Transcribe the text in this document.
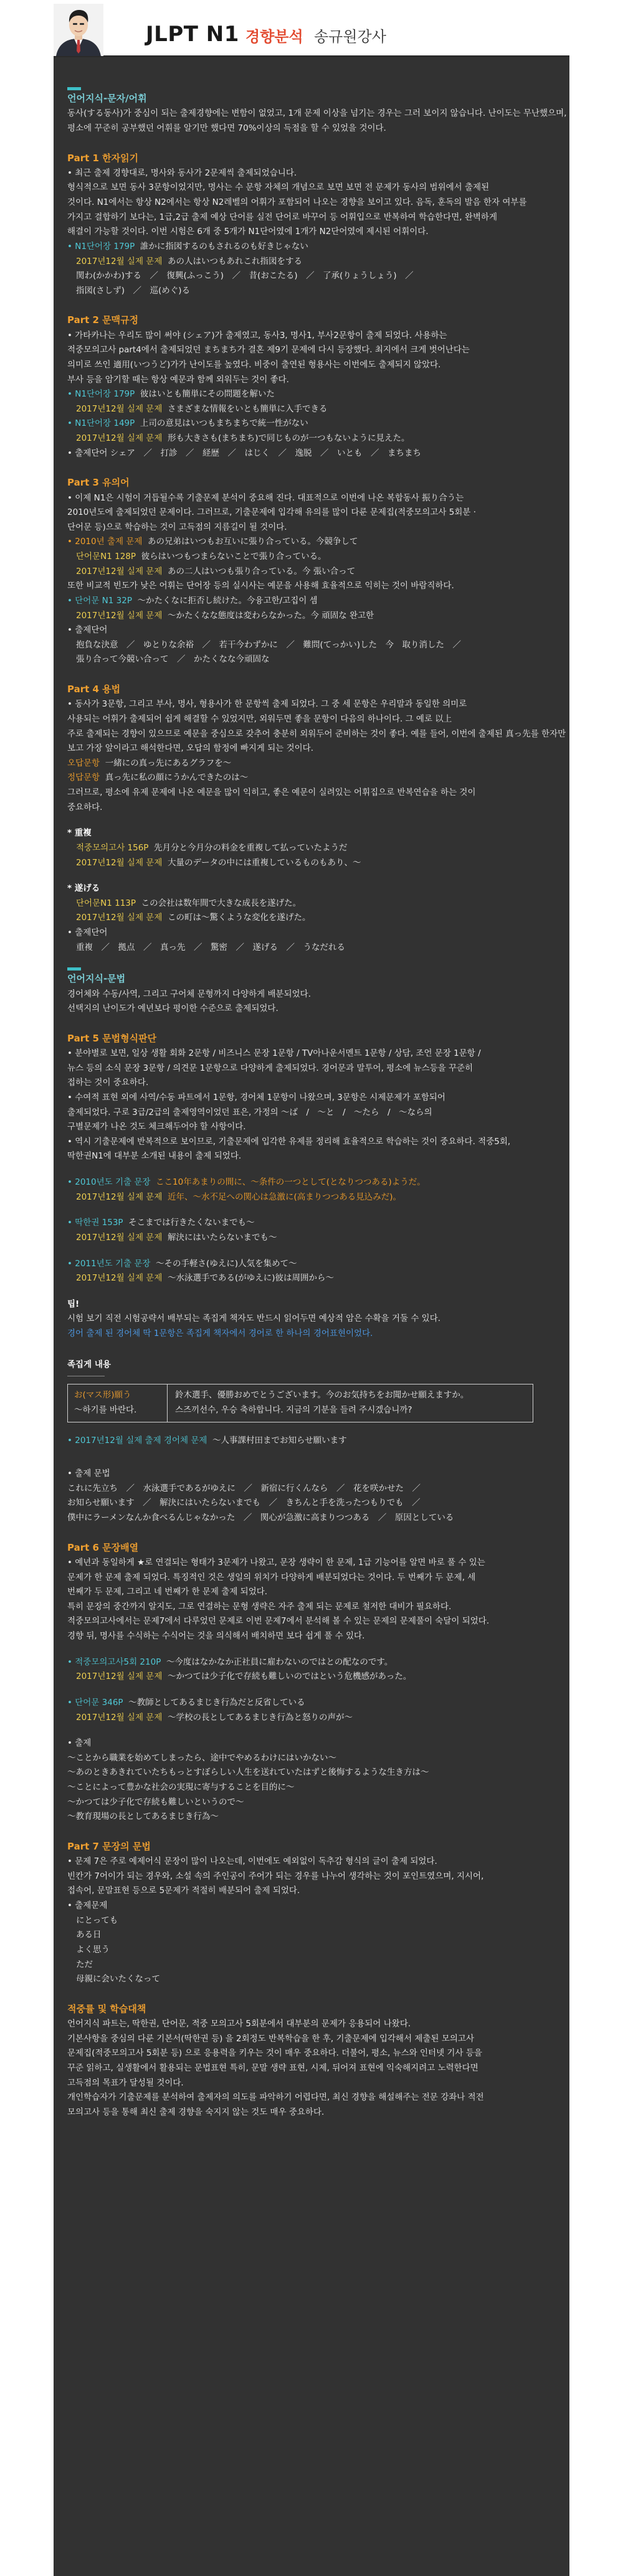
JLPT N1 경향분석 송규원강사
언어지식-문자/어휘
동사(する동사)가 중심이 되는 출제경향에는 변함이 없었고, 1개 문제 이상을 넘기는 경우는 그러 보이지 않습니다. 난이도는 무난했으며,
평소에 꾸준히 공부했던 어휘를 알기만 했다면 70%이상의 득점을 할 수 있었을 것이다.
Part 1 한자읽기
• 최근 출제 경향대로, 명사와 동사가 2문제씩 출제되었습니다.
형식적으로 보면 동사 3문항이었지만, 명사는 수 문항 자체의 개념으로 보면 보면 전 문제가 동사의 범위에서 출제된
것이다. N1에서는 항상 N2에서는 항상 N2레벨의 어휘가 포함되어 나오는 경향을 보이고 있다. 음독, 훈독의 발음 한자 여부를
가지고 결합하기 보다는, 1급,2급 출제 예상 단어를 실전 단어로 바꾸어 등 어휘입으로 반복하여 학습한다면, 완벽하게
해결이 가능할 것이다. 이번 시험은 6개 중 5개가 N1단어였에 1개가 N2단어였에 제시된 어휘이다.
• N1단어장 179P 誰かに指図するのもされるのも好きじゃない
2017년12월 실제 문제 あの人はいつもあれこれ指図をする
関わ(かかわ)する　／　復興(ふっこう)　／　昔(おこたる)　／　了承(りょうしょう)　／
指図(さしず)　／　巡(めぐ)る
Part 2 문맥규정
• 가타카나는 우리도 많이 써야 (シェア)가 출제였고, 동사3, 명사1, 부사2문항이 출제 되었다. 사용하는
적중모의고사 part4에서 출제되었던 まちまち가 결혼 제9기 문제에 다시 등장했다. 최지에서 크게 벗어난다는
의미로 쓰인 適用(いつうど)가가 난이도를 높였다. 비중이 출연된 형용사는 이번에도 출제되지 않았다.
부사 등을 암기할 때는 항상 예문과 함께 외워두는 것이 좋다.
• N1단어장 179P 彼はいとも簡単にその問題を解いた
2017년12월 실제 문제 さまざまな情報をいとも簡単に入手できる
• N1단어장 149P 上司の意見はいつもまちまちで統一性がない
2017년12월 실제 문제 形も大きさも(まちまち)で同じものが一つもないように見えた。
• 출제단어 シェア　／　打診　／　経歴　／　はじく　／　逸脱　／　いとも　／　まちまち
Part 3 유의어
• 이제 N1은 시험이 거듭될수록 기출문제 분석이 중요해 진다. 대표적으로 이번에 나온 복합동사 振り合う는
2010년도에 출제되었던 문제이다. 그러므로, 기출문제에 입각해 유의를 많이 다룬 문제집(적중모의고사 5회분 ·
단어문 등)으로 학습하는 것이 고득점의 지름길이 될 것이다.
• 2010년 출제 문제 あの兄弟はいつもお互いに張り合っている。今競争して
단어문N1 128P 彼らはいつもつまらないことで張り合っている。
2017년12월 실제 문제 あの二人はいつも張り合っている。今 張い合って
또한 비교적 빈도가 낮은 어휘는 단어장 등의 실시사는 예문을 사용해 효율적으로 익히는 것이 바람직하다.
• 단어문 N1 32P 〜かたくなに拒否し続けた。今융고한/고집이 셈
2017년12월 실제 문제 〜かたくなな態度は変わらなかった。今 頑固な 완고한
• 출제단어
抱負な決意　／　ゆとりな余裕　／　若干今わずかに　／　難問(てっかい)した　今　取り消した　／
張り合って今競い合って　／　かたくなな今頑固な
Part 4 용법
• 동사가 3문항, 그리고 부사, 명사, 형용사가 한 문항씩 출제 되었다. 그 중 세 문항은 우리말과 동일한 의미로
사용되는 어휘가 출제되어 쉽게 해결할 수 있었지만, 외워두면 좋을 문항이 다음의 하나이다. 그 예로 以上
주로 출제되는 경향이 있으므로 예문을 중심으로 갖추어 충분히 외워두어 준비하는 것이 좋다. 예를 들어, 이번에 출제된 真っ先를 한자만
보고 가장 앞이라고 해석한다면, 오답의 함정에 빠지게 되는 것이다.
오답문항 一緒にの真っ先にあるグラフを〜
정답문항 真っ先に私の顔にうかんできたのは〜
그러므로, 평소에 유제 문제에 나온 예문을 많이 익히고, 좋은 예문이 실려있는 어휘집으로 반복연습을 하는 것이
중요하다.
* 重複
적중모의고사 156P 先月分と今月分の料金を重複して払っていたようだ
2017년12월 실제 문제 大量のデータの中には重複しているものもあり、〜
* 遂げる
단어문N1 113P この会社は数年間で大きな成長を遂げた。
2017년12월 실제 문제 この町は〜驚くような変化を遂げた。
• 출제단어
重複　／　拠点　／　真っ先　／　驚密　／　遂げる　／　うなだれる
언어지식-문법
경어체와 수동/사역, 그리고 구어체 문형까지 다양하게 배분되었다.
선택지의 난이도가 예년보다 평이한 수준으로 출제되었다.
Part 5 문법형식판단
• 분야별로 보면, 일상 생활 회화 2문항 / 비즈니스 문장 1문항 / TV아나운서멘트 1문항 / 상담, 조언 문장 1문항 /
뉴스 등의 소식 문장 3문항 / 의견문 1문항으로 다양하게 출제되었다. 경어문과 말투어, 평소에 뉴스등을 꾸준히
접하는 것이 중요하다.
• 수여적 표현 외에 사역/수동 파트에서 1문항, 경어체 1문항이 나왔으며, 3문항은 시제문제가 포함되어
출제되었다. 구로 3급/2급의 출제영역이었던 표은, 가정의 〜ば　/　〜と　/　〜たら　/　〜なら의
구별문제가 나온 것도 체크해두어야 할 사항이다.
• 역시 기출문제에 반복적으로 보이므로, 기출문제에 입각한 유제를 정리해 효율적으로 학습하는 것이 중요하다. 적중5회,
딱한권N1에 대부분 소개된 내용이 출제 되었다.
• 2010년도 기출 문장 ここ10年あまりの間に、〜条件の一つとして(となりつつある)ようだ。
2017년12월 실제 문제 近年、〜水不足への関心は急激に(高まりつつある見込みだ)。
• 딱한권 153P そこまでは行きたくないまでも〜
2017년12월 실제 문제 解決にはいたらないまでも〜
• 2011년도 기출 문장 〜その手軽さ(ゆえに)人気を集めて〜
2017년12월 실제 문제 〜水泳選手である(がゆえに)彼は周囲から〜
팁!
시험 보기 직전 시험공략서 배부되는 족집게 책자도 반드시 읽어두면 예상적 암은 수확을 거둘 수 있다.
경어 출제 된 경어체 딱 1문항은 족집게 책자에서 경어로 한 하나의 경어표현이었다.
족집게 내용
お(マス形)願う
〜하기를 바란다.
鈴木選手、優勝おめでとうございます。今のお気持ちをお聞かせ願えますか。
스즈끼선수, 우승 축하합니다. 지금의 기분을 들려 주시겠습니까?
• 2017년12월 실제 출제 경어체 문제 〜人事課村田までお知らせ願います
• 출제 문법
これに先立ち　／　水泳選手であるがゆえに　／　新宿に行くんなら　／　花を咲かせた　／
お知らせ願います　／　解決にはいたらないまでも　／　きちんと手を洗ったつもりでも　／
僕中にラーメンなんか食べるんじゃなかった　／　関心が急激に高まりつつある　／　原因としている
Part 6 문장배열
• 예년과 동일하게 ★로 연결되는 형태가 3문제가 나왔고, 문장 생략이 한 문제, 1급 기능어를 알면 바로 풀 수 있는
문제가 한 문제 출제 되었다. 특징적인 것은 생일의 위치가 다양하게 배분되었다는 것이다. 두 번째가 두 문제, 세
번째가 두 문제, 그리고 네 번째가 한 문제 출제 되었다.
특히 문장의 중간까지 알지도, 그로 연결하는 문형 생략은 자주 출제 되는 문제로 철저한 대비가 필요하다.
적중모의고사에서는 문제7에서 다루었던 문제로 이번 문제7에서 분석해 볼 수 있는 문제의 문제풀이 숙달이 되었다.
경향 뒤, 명사를 수식하는 수식어는 것을 의식해서 배치하면 보다 쉽게 풀 수 있다.
• 적중모의고사5회 210P 〜今度はなかなか正社員に雇わないのではとの配なのです。
2017년12월 실제 문제 〜かつては少子化で存続も難しいのではという危機感があった。
• 단어문 346P 〜教師としてあるまじき行為だと反省している
2017년12월 실제 문제 〜学校の長としてあるまじき行為と怒りの声が〜
• 출제
〜ことから職業を始めてしまったら、途中でやめるわけにはいかない〜
〜あのときあきれていたちもっとすぼらしい人生を送れていたはずと後悔するような生き方は〜
〜ことによって豊かな社会の実現に寄与することを目的に〜
〜かつては少子化で存続も難しいというので〜
〜教育現場の長としてあるまじき行為〜
Part 7 문장의 문법
• 문제 7은 주로 예제어식 문장이 많이 나오는데, 이번에도 예외없이 독추감 형식의 글이 출제 되었다.
빈칸가 7어이가 되는 경우와, 소설 속의 주인공이 주어가 되는 경우를 나누어 생각하는 것이 포인트였으며, 지시어,
접속어, 문말표현 등으로 5문제가 적절히 배분되어 출제 되었다.
• 출제문제
にとっても
ある日
よく思う
ただ
母親に会いたくなって
적중률 및 학습대책
언어지식 파트는, 딱한권, 단어문, 적중 모의고사 5회분에서 대부분의 문제가 응용되어 나왔다.
기본사항을 중심의 다룬 기본서(딱한권 등) 을 2회정도 반복학습을 한 후, 기출문제에 입각해서 제출된 모의고사
문제집(적중모의고사 5회분 등) 으로 응용력을 키우는 것이 매우 중요하다. 더불어, 평소, 뉴스와 인터넷 기사 등을
꾸준 읽하고, 실생활에서 활용되는 문법표현 특히, 문말 생략 표현, 시제, 뒤어져 표현에 익숙해지려고 노력한다면
고득점의 목표가 달성될 것이다.
개인학습자가 기출문제를 분석하여 출제자의 의도를 파악하기 어렵다면, 최신 경향을 해설해주는 전문 강좌나 적전
모의고사 등을 통해 최신 출제 경향을 숙지지 않는 것도 매우 중요하다.
